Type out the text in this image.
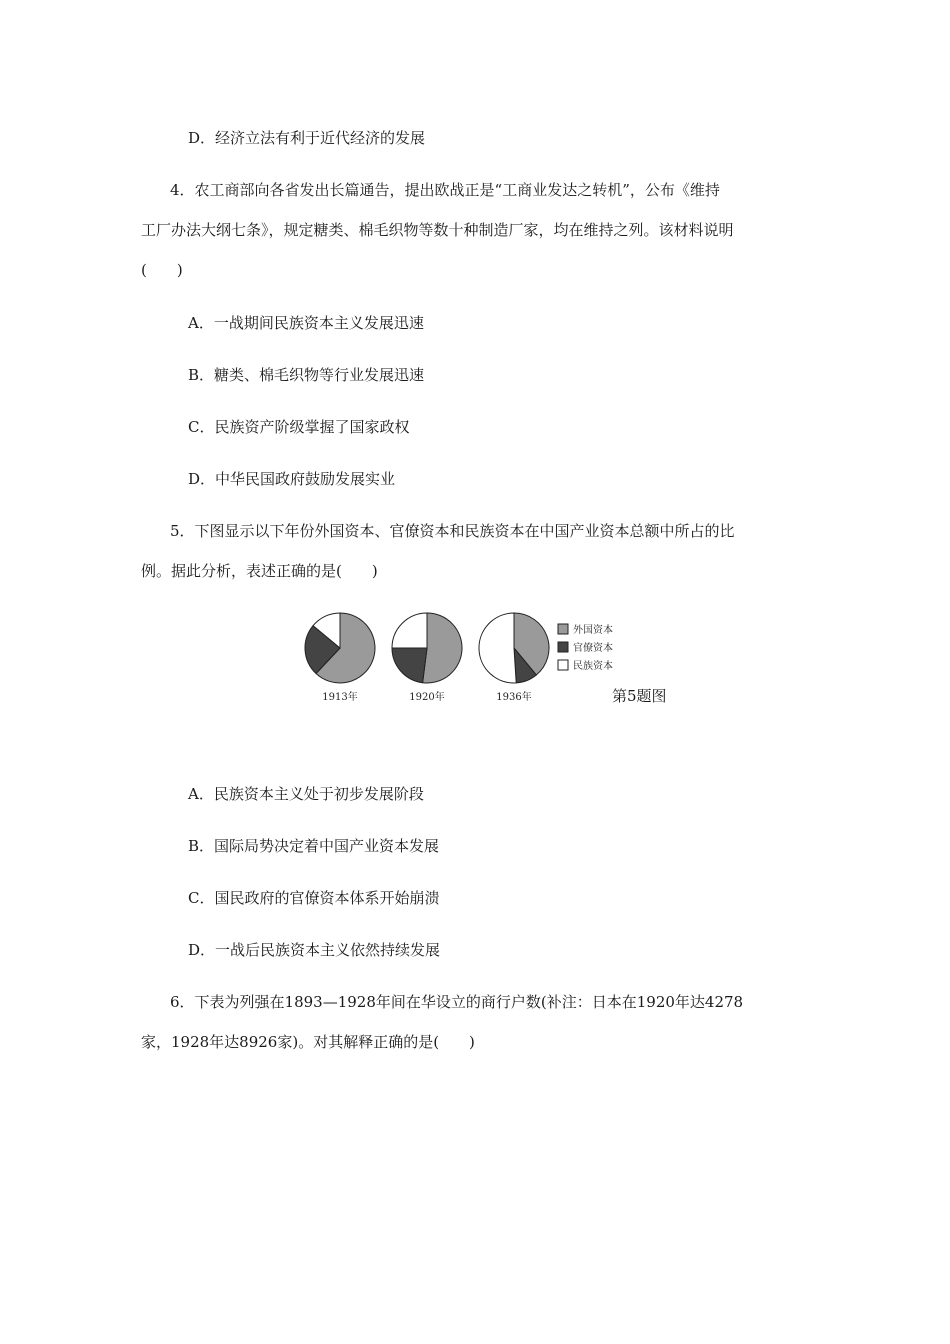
D．经济立法有利于近代经济的发展
4．农工商部向各省发出长篇通告，提出欧战正是“工商业发达之转机”，公布《维持
工厂办法大纲七条》，规定糖类、棉毛织物等数十种制造厂家，均在维持之列。该材料说明
(　　)
A．一战期间民族资本主义发展迅速
B．糖类、棉毛织物等行业发展迅速
C．民族资产阶级掌握了国家政权
D．中华民国政府鼓励发展实业
5．下图显示以下年份外国资本、官僚资本和民族资本在中国产业资本总额中所占的比
例。据此分析，表述正确的是(　　)
1913年	1920年	1936年
外国资本
官僚资本
民族资本
第5题图
A．民族资本主义处于初步发展阶段
B．国际局势决定着中国产业资本发展
C．国民政府的官僚资本体系开始崩溃
D．一战后民族资本主义依然持续发展
6．下表为列强在1893—1928年间在华设立的商行户数(补注：日本在1920年达4278
家，1928年达8926家)。对其解释正确的是(　　)
